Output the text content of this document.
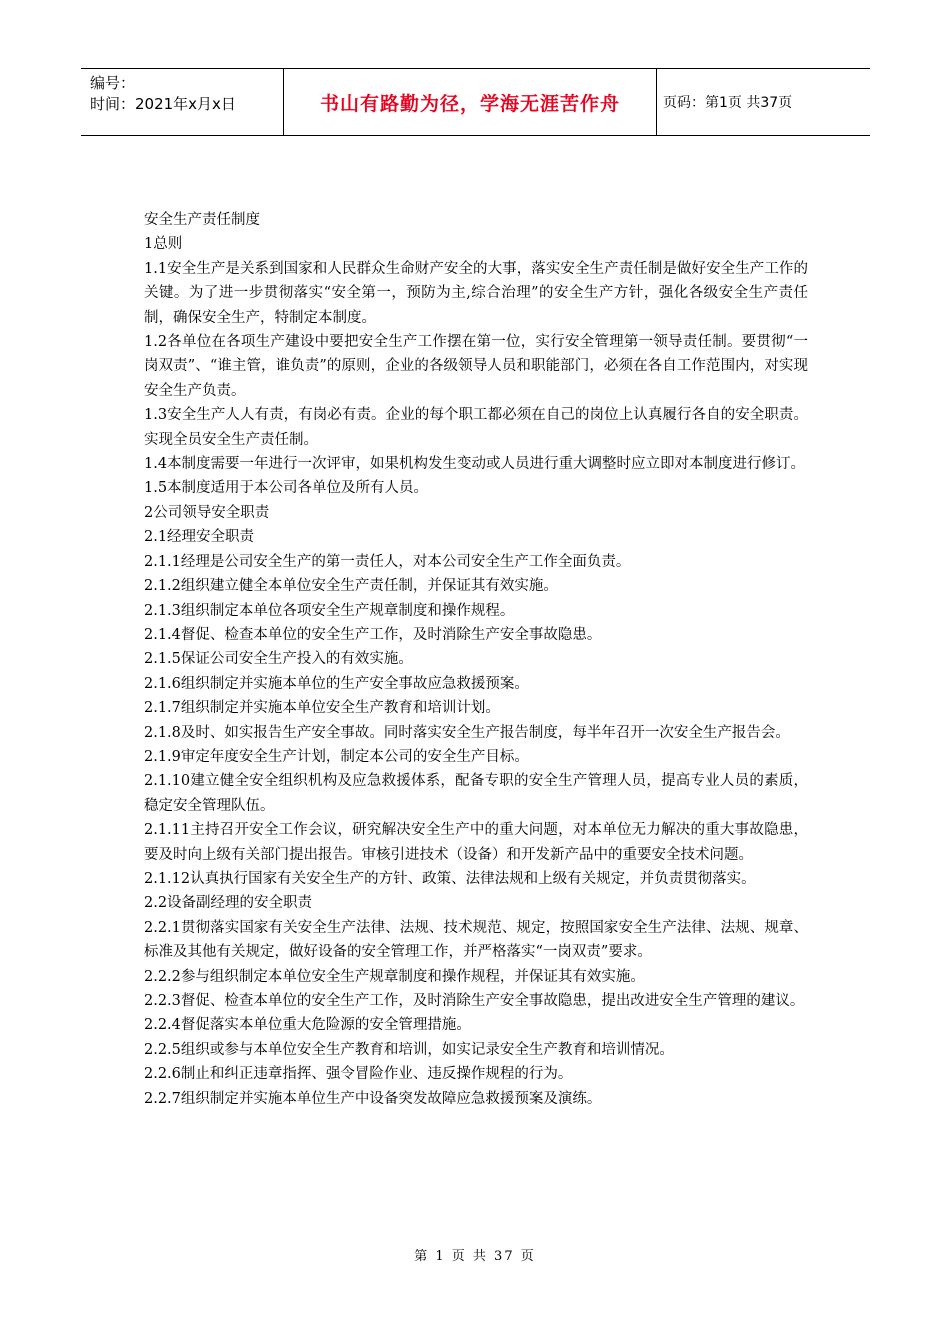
编号：
时间：2021年x月x日	书山有路勤为径，学海无涯苦作舟	页码：第1页 共37页

安全生产责任制度

1总则

1.1安全生产是关系到国家和人民群众生命财产安全的大事，落实安全生产责任制是做好安全生产工作的关键。为了进一步贯彻落实“安全第一，预防为主,综合治理”的安全生产方针，强化各级安全生产责任制，确保安全生产，特制定本制度。

1.2各单位在各项生产建设中要把安全生产工作摆在第一位，实行安全管理第一领导责任制。要贯彻“一岗双责”、“谁主管，谁负责”的原则，企业的各级领导人员和职能部门，必须在各自工作范围内，对实现安全生产负责。

1.3安全生产人人有责，有岗必有责。企业的每个职工都必须在自己的岗位上认真履行各自的安全职责。实现全员安全生产责任制。

1.4本制度需要一年进行一次评审，如果机构发生变动或人员进行重大调整时应立即对本制度进行修订。

1.5本制度适用于本公司各单位及所有人员。

2公司领导安全职责

2.1经理安全职责

2.1.1经理是公司安全生产的第一责任人，对本公司安全生产工作全面负责。

2.1.2组织建立健全本单位安全生产责任制，并保证其有效实施。

2.1.3组织制定本单位各项安全生产规章制度和操作规程。

2.1.4督促、检查本单位的安全生产工作，及时消除生产安全事故隐患。

2.1.5保证公司安全生产投入的有效实施。

2.1.6组织制定并实施本单位的生产安全事故应急救援预案。

2.1.7组织制定并实施本单位安全生产教育和培训计划。

2.1.8及时、如实报告生产安全事故。同时落实安全生产报告制度，每半年召开一次安全生产报告会。

2.1.9审定年度安全生产计划，制定本公司的安全生产目标。

2.1.10建立健全安全组织机构及应急救援体系，配备专职的安全生产管理人员，提高专业人员的素质，稳定安全管理队伍。

2.1.11主持召开安全工作会议，研究解决安全生产中的重大问题，对本单位无力解决的重大事故隐患，要及时向上级有关部门提出报告。审核引进技术（设备）和开发新产品中的重要安全技术问题。

2.1.12认真执行国家有关安全生产的方针、政策、法律法规和上级有关规定，并负责贯彻落实。

2.2设备副经理的安全职责

2.2.1贯彻落实国家有关安全生产法律、法规、技术规范、规定，按照国家安全生产法律、法规、规章、标准及其他有关规定，做好设备的安全管理工作，并严格落实“一岗双责”要求。

2.2.2参与组织制定本单位安全生产规章制度和操作规程，并保证其有效实施。

2.2.3督促、检查本单位的安全生产工作，及时消除生产安全事故隐患，提出改进安全生产管理的建议。

2.2.4督促落实本单位重大危险源的安全管理措施。

2.2.5组织或参与本单位安全生产教育和培训，如实记录安全生产教育和培训情况。

2.2.6制止和纠正违章指挥、强令冒险作业、违反操作规程的行为。

2.2.7组织制定并实施本单位生产中设备突发故障应急救援预案及演练。

第 1 页 共 37 页
